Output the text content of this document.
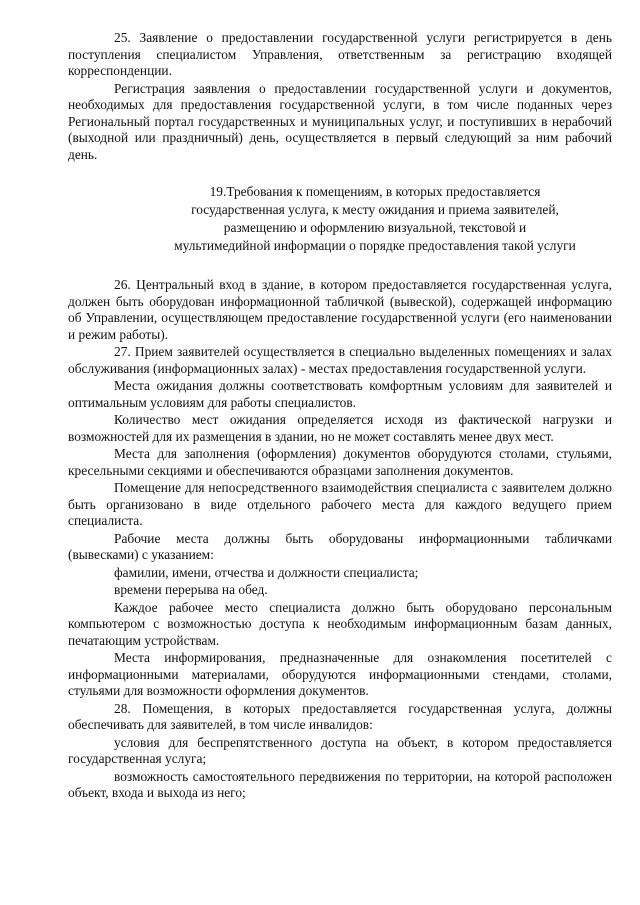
25. Заявление о предоставлении государственной услуги регистрируется в день поступления специалистом Управления, ответственным за регистрацию входящей корреспонденции.

Регистрация заявления о предоставлении государственной услуги и документов, необходимых для предоставления государственной услуги, в том числе поданных через Региональный портал государственных и муниципальных услуг, и поступивших в нерабочий (выходной или праздничный) день, осуществляется в первый следующий за ним рабочий день.

19.Требования к помещениям, в которых предоставляется
государственная услуга, к месту ожидания и приема заявителей,
размещению и оформлению визуальной, текстовой и
мультимедийной информации о порядке предоставления такой услуги

26. Центральный вход в здание, в котором предоставляется государственная услуга, должен быть оборудован информационной табличкой (вывеской), содержащей информацию об Управлении, осуществляющем предоставление государственной услуги (его наименовании и режим работы).

27. Прием заявителей осуществляется в специально выделенных помещениях и залах обслуживания (информационных залах) - местах предоставления государственной услуги.

Места ожидания должны соответствовать комфортным условиям для заявителей и оптимальным условиям для работы специалистов.

Количество мест ожидания определяется исходя из фактической нагрузки и возможностей для их размещения в здании, но не может составлять менее двух мест.

Места для заполнения (оформления) документов оборудуются столами, стульями, кресельными секциями и обеспечиваются образцами заполнения документов.

Помещение для непосредственного взаимодействия специалиста с заявителем должно быть организовано в виде отдельного рабочего места для каждого ведущего прием специалиста.

Рабочие места должны быть оборудованы информационными табличками (вывесками) с указанием:

фамилии, имени, отчества и должности специалиста;

времени перерыва на обед.

Каждое рабочее место специалиста должно быть оборудовано персональным компьютером с возможностью доступа к необходимым информационным базам данных, печатающим устройствам.

Места информирования, предназначенные для ознакомления посетителей с информационными материалами, оборудуются информационными стендами, столами, стульями для возможности оформления документов.

28. Помещения, в которых предоставляется государственная услуга, должны обеспечивать для заявителей, в том числе инвалидов:

условия для беспрепятственного доступа на объект, в котором предоставляется государственная услуга;

возможность самостоятельного передвижения по территории, на которой расположен объект, входа и выхода из него;
